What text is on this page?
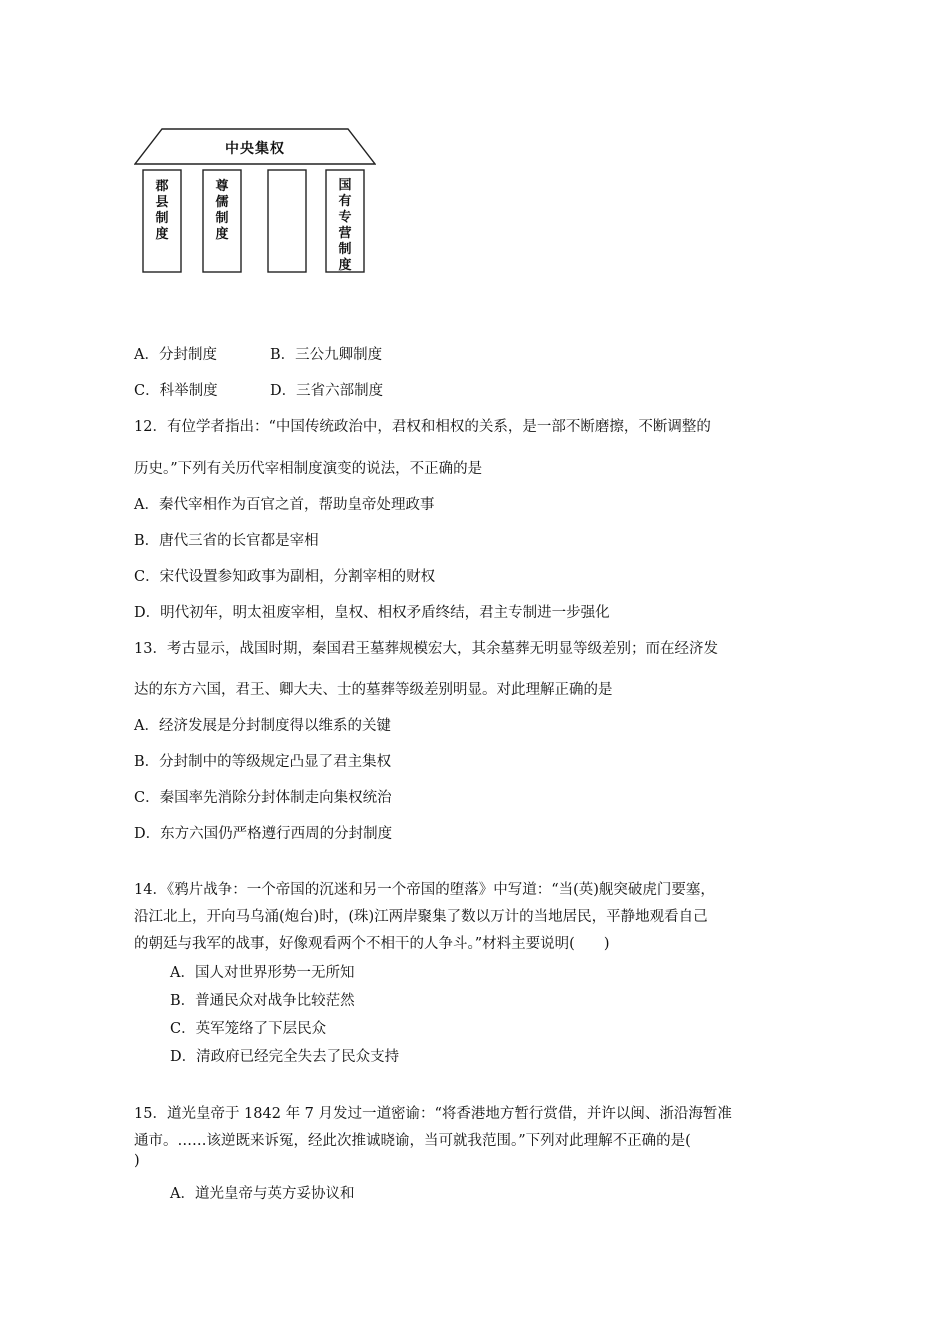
中央集权
郡县制度
尊儒制度
国有专营制度
A．分封制度	B．三公九卿制度
C．科举制度	D．三省六部制度
12．有位学者指出：“中国传统政治中，君权和相权的关系，是一部不断磨擦，不断调整的
历史。”下列有关历代宰相制度演变的说法，不正确的是
A．秦代宰相作为百官之首，帮助皇帝处理政事
B．唐代三省的长官都是宰相
C．宋代设置参知政事为副相，分割宰相的财权
D．明代初年，明太祖废宰相，皇权、相权矛盾终结，君主专制进一步强化
13．考古显示，战国时期，秦国君王墓葬规模宏大，其余墓葬无明显等级差别；而在经济发
达的东方六国，君王、卿大夫、士的墓葬等级差别明显。对此理解正确的是
A．经济发展是分封制度得以维系的关键
B．分封制中的等级规定凸显了君主集权
C．秦国率先消除分封体制走向集权统治
D．东方六国仍严格遵行西周的分封制度
14．《鸦片战争：一个帝国的沉迷和另一个帝国的堕落》中写道：“当(英)舰突破虎门要塞，
沿江北上，开向马乌涌(炮台)时，(珠)江两岸聚集了数以万计的当地居民，平静地观看自己
的朝廷与我军的战事，好像观看两个不相干的人争斗。”材料主要说明(　　)
A．国人对世界形势一无所知
B．普通民众对战争比较茫然
C．英军笼络了下层民众
D．清政府已经完全失去了民众支持
15．道光皇帝于 1842 年 7 月发过一道密谕：“将香港地方暂行赏借，并许以闽、浙沿海暂准
通市。……该逆既来诉冤，经此次推诚晓谕，当可就我范围。”下列对此理解不正确的是(
)
A．道光皇帝与英方妥协议和
